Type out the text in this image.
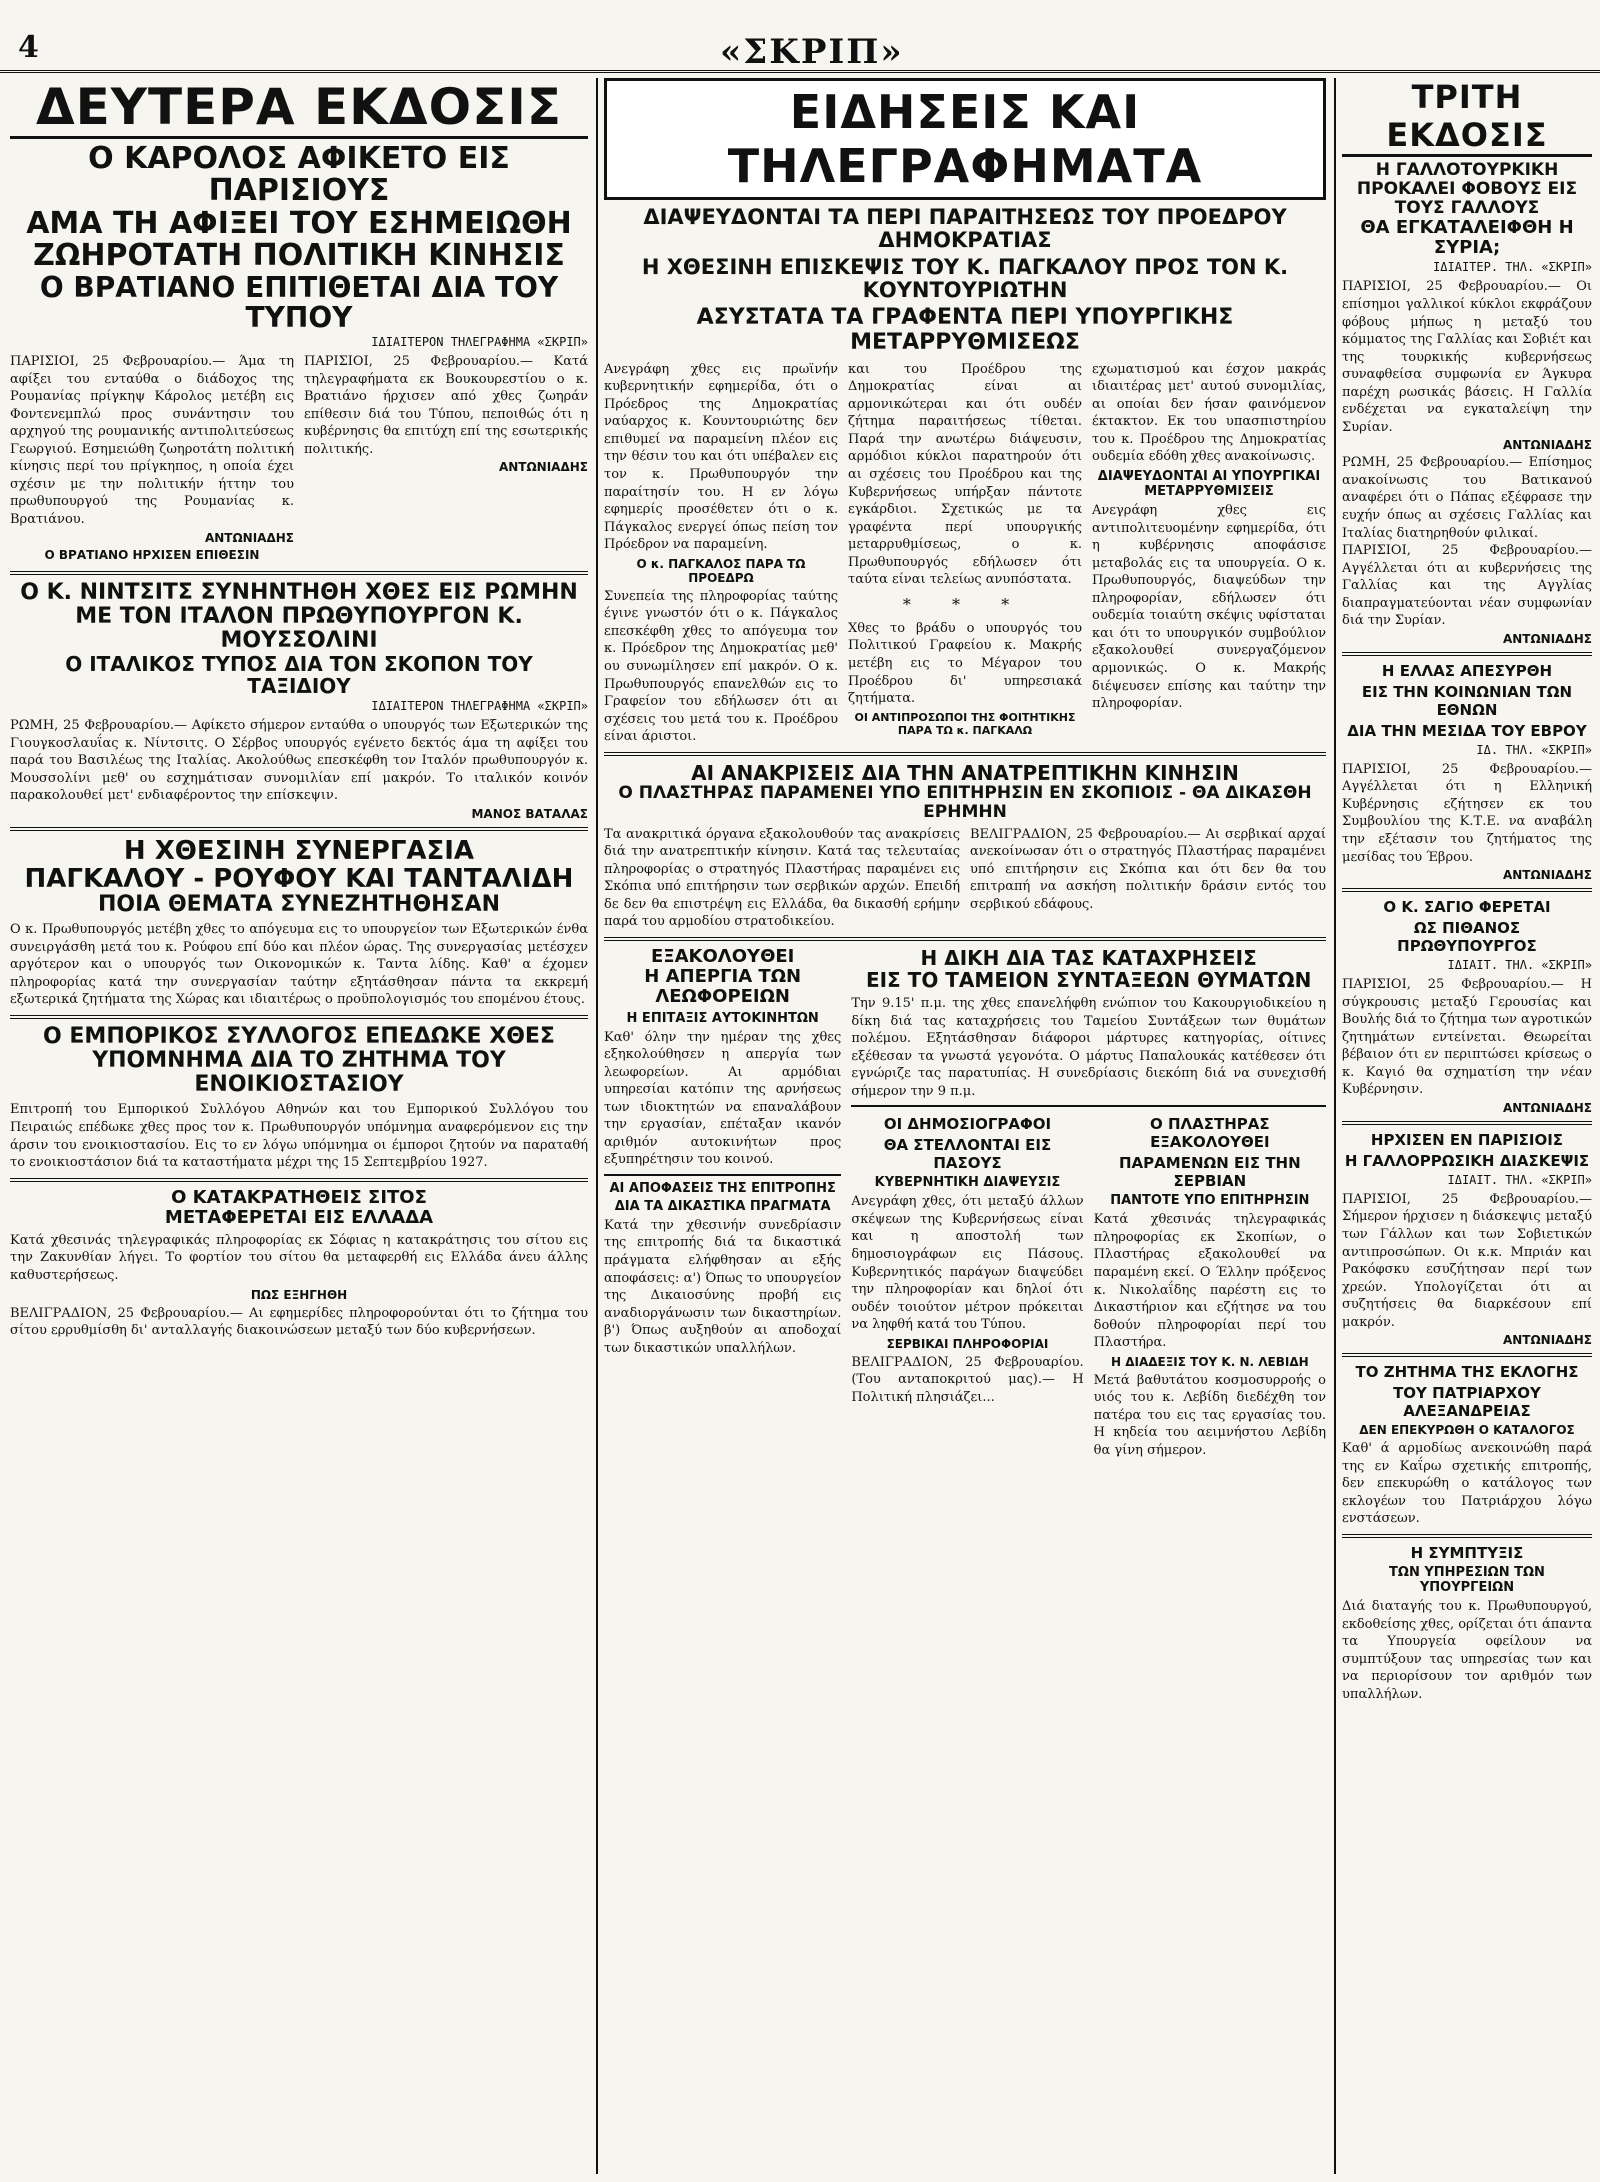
4	«ΣΚΡΙΠ»
ΔΕΥΤΕΡΑ ΕΚΔΟΣΙΣ
Ο ΚΑΡΟΛΟΣ ΑΦΙΚΕΤΟ ΕΙΣ ΠΑΡΙΣΙΟΥΣ
ΑΜΑ ΤΗ ΑΦΙΞΕΙ ΤΟΥ ΕΣΗΜΕΙΩΘΗ
ΖΩΗΡΟΤΑΤΗ ΠΟΛΙΤΙΚΗ ΚΙΝΗΣΙΣ
Ο ΒΡΑΤΙΑΝΟ ΕΠΙΤΙΘΕΤΑΙ ΔΙΑ ΤΟΥ ΤΥΠΟΥ
ΙΔΙΑΙΤΕΡΟΝ ΤΗΛΕΓΡΑΦΗΜΑ «ΣΚΡΙΠ»
ΠΑΡΙΣΙΟΙ, 25 Φεβρουαρίου.— Άμα τη αφίξει του ενταύθα ο διάδοχος της Ρουμανίας πρίγκηψ Κάρολος μετέβη εις Φοντενεμπλώ προς συνάντησιν του αρχηγού της ρουμανικής αντιπολιτεύσεως Γεωργιού. Εσημειώθη ζωηροτάτη πολιτική κίνησις περί του πρίγκηπος, η οποία έχει σχέσιν με την πολιτικήν ήττην του πρωθυπουργού της Ρουμανίας κ. Βρατιάνου.
ΑΝΤΩΝΙΑΔΗΣ
Ο ΒΡΑΤΙΑΝΟ ΗΡΧΙΣΕΝ ΕΠΙΘΕΣΙΝ
ΠΑΡΙΣΙΟΙ, 25 Φεβρουαρίου.— Κατά τηλεγραφήματα εκ Βουκουρεστίου ο κ. Βρατιάνο ήρχισεν από χθες ζωηράν επίθεσιν διά του Τύπου, πεποιθώς ότι η κυβέρνησις θα επιτύχη επί της εσωτερικής πολιτικής.
ΑΝΤΩΝΙΑΔΗΣ
Ο Κ. ΝΙΝΤΣΙΤΣ ΣΥΝΗΝΤΗΘΗ ΧΘΕΣ ΕΙΣ ΡΩΜΗΝ
ΜΕ ΤΟΝ ΙΤΑΛΟΝ ΠΡΩΘΥΠΟΥΡΓΟΝ Κ. ΜΟΥΣΣΟΛΙΝΙ
Ο ΙΤΑΛΙΚΟΣ ΤΥΠΟΣ ΔΙΑ ΤΟΝ ΣΚΟΠΟΝ ΤΟΥ ΤΑΞΙΔΙΟΥ
ΙΔΙΑΙΤΕΡΟΝ ΤΗΛΕΓΡΑΦΗΜΑ «ΣΚΡΙΠ»
ΡΩΜΗ, 25 Φεβρουαρίου.— Αφίκετο σήμερον ενταύθα ο υπουργός των Εξωτερικών της Γιουγκοσλαυΐας κ. Νίντσιτς. Ο Σέρβος υπουργός εγένετο δεκτός άμα τη αφίξει του παρά του Βασιλέως της Ιταλίας. Ακολούθως επεσκέφθη τον Ιταλόν πρωθυπουργόν κ. Μουσσολίνι μεθ' ου εσχημάτισαν συνομιλίαν επί μακρόν. Το ιταλικόν κοινόν παρακολουθεί μετ' ενδιαφέροντος την επίσκεψιν.
ΜΑΝΟΣ ΒΑΤΑΛΑΣ
Η ΧΘΕΣΙΝΗ ΣΥΝΕΡΓΑΣΙΑ
ΠΑΓΚΑΛΟΥ - ΡΟΥΦΟΥ ΚΑΙ ΤΑΝΤΑΛΙΔΗ
ΠΟΙΑ ΘΕΜΑΤΑ ΣΥΝΕΖΗΤΗΘΗΣΑΝ
Ο κ. Πρωθυπουργός μετέβη χθες το απόγευμα εις το υπουργείον των Εξωτερικών ένθα συνειργάσθη μετά του κ. Ρούφου επί δύο και πλέον ώρας. Της συνεργασίας μετέσχεν αργότερον και ο υπουργός των Οικονομικών κ. Ταντα λίδης. Καθ' α έχομεν πληροφορίας κατά την συνεργασίαν ταύτην εξητάσθησαν πάντα τα εκκρεμή εξωτερικά ζητήματα της Χώρας και ιδιαιτέρως ο προϋπολογισμός του επομένου έτους.
Ο ΕΜΠΟΡΙΚΟΣ ΣΥΛΛΟΓΟΣ ΕΠΕΔΩΚΕ ΧΘΕΣ
ΥΠΟΜΝΗΜΑ ΔΙΑ ΤΟ ΖΗΤΗΜΑ ΤΟΥ ΕΝΟΙΚΙΟΣΤΑΣΙΟΥ
Επιτροπή του Εμπορικού Συλλόγου Αθηνών και του Εμπορικού Συλλόγου του Πειραιώς επέδωκε χθες προς τον κ. Πρωθυπουργόν υπόμνημα αναφερόμενον εις την άρσιν του ενοικιοστασίου. Εις το εν λόγω υπόμνημα οι έμποροι ζητούν να παραταθή το ενοικιοστάσιον διά τα καταστήματα μέχρι της 15 Σεπτεμβρίου 1927.
Ο ΚΑΤΑΚΡΑΤΗΘΕΙΣ ΣΙΤΟΣ
ΜΕΤΑΦΕΡΕΤΑΙ ΕΙΣ ΕΛΛΑΔΑ
Κατά χθεσινάς τηλεγραφικάς πληροφορίας εκ Σόφιας η κατακράτησις του σίτου εις την Ζακυνθίαν λήγει. Το φορτίον του σίτου θα μεταφερθή εις Ελλάδα άνευ άλλης καθυστερήσεως.
ΠΩΣ ΕΞΗΓΗΘΗ
ΒΕΛΙΓΡΑΔΙΟΝ, 25 Φεβρουαρίου.— Αι εφημερίδες πληροφορούνται ότι το ζήτημα του σίτου ερρυθμίσθη δι' ανταλλαγής διακοινώσεων μεταξύ των δύο κυβερνήσεων.
ΕΙΔΗΣΕΙΣ ΚΑΙ ΤΗΛΕΓΡΑΦΗΜΑΤΑ
ΔΙΑΨΕΥΔΟΝΤΑΙ ΤΑ ΠΕΡΙ ΠΑΡΑΙΤΗΣΕΩΣ ΤΟΥ ΠΡΟΕΔΡΟΥ ΔΗΜΟΚΡΑΤΙΑΣ
Η ΧΘΕΣΙΝΗ ΕΠΙΣΚΕΨΙΣ ΤΟΥ Κ. ΠΑΓΚΑΛΟΥ ΠΡΟΣ ΤΟΝ Κ. ΚΟΥΝΤΟΥΡΙΩΤΗΝ
ΑΣΥΣΤΑΤΑ ΤΑ ΓΡΑΦΕΝΤΑ ΠΕΡΙ ΥΠΟΥΡΓΙΚΗΣ ΜΕΤΑΡΡΥΘΜΙΣΕΩΣ
Ανεγράφη χθες εις πρωϊνήν κυβερνητικήν εφημερίδα, ότι ο Πρόεδρος της Δημοκρατίας ναύαρχος κ. Κουντουριώτης δεν επιθυμεί να παραμείνη πλέον εις την θέσιν του και ότι υπέβαλεν εις τον κ. Πρωθυπουργόν την παραίτησίν του. Η εν λόγω εφημερίς προσέθετεν ότι ο κ. Πάγκαλος ενεργεί όπως πείση τον Πρόεδρον να παραμείνη.
Ο κ. ΠΑΓΚΑΛΟΣ ΠΑΡΑ ΤΩ ΠΡΟΕΔΡΩ
Συνεπεία της πληροφορίας ταύτης έγινε γνωστόν ότι ο κ. Πάγκαλος επεσκέφθη χθες το απόγευμα τον κ. Πρόεδρον της Δημοκρατίας μεθ' ου συνωμίλησεν επί μακρόν. Ο κ. Πρωθυπουργός επανελθών εις το Γραφείον του εδήλωσεν ότι αι σχέσεις του μετά του κ. Προέδρου είναι άριστοι.
και του Προέδρου της Δημοκρατίας είναι αι αρμονικώτεραι και ότι ουδέν ζήτημα παραιτήσεως τίθεται. Παρά την ανωτέρω διάψευσιν, αρμόδιοι κύκλοι παρατηρούν ότι αι σχέσεις του Προέδρου και της Κυβερνήσεως υπήρξαν πάντοτε εγκάρδιοι. Σχετικώς με τα γραφέντα περί υπουργικής μεταρρυθμίσεως, ο κ. Πρωθυπουργός εδήλωσεν ότι ταύτα είναι τελείως ανυπόστατα.
* * *
Χθες το βράδυ ο υπουργός του Πολιτικού Γραφείου κ. Μακρής μετέβη εις το Μέγαρον του Προέδρου δι' υπηρεσιακά ζητήματα.
ΟΙ ΑΝΤΙΠΡΟΣΩΠΟΙ ΤΗΣ ΦΟΙΤΗΤΙΚΗΣ ΠΑΡΑ ΤΩ κ. ΠΑΓΚΑΛΩ
εχωματισμού και έσχον μακράς ιδιαιτέρας μετ' αυτού συνομιλίας, αι οποίαι δεν ήσαν φαινόμενον έκτακτον. Εκ του υπασπιστηρίου του κ. Προέδρου της Δημοκρατίας ουδεμία εδόθη χθες ανακοίνωσις.
ΔΙΑΨΕΥΔΟΝΤΑΙ ΑΙ ΥΠΟΥΡΓΙΚΑΙ ΜΕΤΑΡΡΥΘΜΙΣΕΙΣ
Ανεγράφη χθες εις αντιπολιτευομένην εφημερίδα, ότι η κυβέρνησις αποφάσισε μεταβολάς εις τα υπουργεία. Ο κ. Πρωθυπουργός, διαψεύδων την πληροφορίαν, εδήλωσεν ότι ουδεμία τοιαύτη σκέψις υφίσταται και ότι το υπουργικόν συμβούλιον εξακολουθεί συνεργαζόμενον αρμονικώς. Ο κ. Μακρής διέψευσεν επίσης και ταύτην την πληροφορίαν.
ΑΙ ΑΝΑΚΡΙΣΕΙΣ ΔΙΑ ΤΗΝ ΑΝΑΤΡΕΠΤΙΚΗΝ ΚΙΝΗΣΙΝ
Ο ΠΛΑΣΤΗΡΑΣ ΠΑΡΑΜΕΝΕΙ ΥΠΟ ΕΠΙΤΗΡΗΣΙΝ ΕΝ ΣΚΟΠΙΟΙΣ - ΘΑ ΔΙΚΑΣΘΗ ΕΡΗΜΗΝ
Τα ανακριτικά όργανα εξακολουθούν τας ανακρίσεις διά την ανατρεπτικήν κίνησιν. Κατά τας τελευταίας πληροφορίας ο στρατηγός Πλαστήρας παραμένει εις Σκόπια υπό επιτήρησιν των σερβικών αρχών. Επειδή δε δεν θα επιστρέψη εις Ελλάδα, θα δικασθή ερήμην παρά του αρμοδίου στρατοδικείου.
ΒΕΛΙΓΡΑΔΙΟΝ, 25 Φεβρουαρίου.— Αι σερβικαί αρχαί ανεκοίνωσαν ότι ο στρατηγός Πλαστήρας παραμένει υπό επιτήρησιν εις Σκόπια και ότι δεν θα του επιτραπή να ασκήση πολιτικήν δράσιν εντός του σερβικού εδάφους.
ΕΞΑΚΟΛΟΥΘΕΙ
Η ΑΠΕΡΓΙΑ ΤΩΝ ΛΕΩΦΟΡΕΙΩΝ
Η ΕΠΙΤΑΞΙΣ ΑΥΤΟΚΙΝΗΤΩΝ
Καθ' όλην την ημέραν της χθες εξηκολούθησεν η απεργία των λεωφορείων. Αι αρμόδιαι υπηρεσίαι κατόπιν της αρνήσεως των ιδιοκτητών να επαναλάβουν την εργασίαν, επέταξαν ικανόν αριθμόν αυτοκινήτων προς εξυπηρέτησιν του κοινού.
ΑΙ ΑΠΟΦΑΣΕΙΣ ΤΗΣ ΕΠΙΤΡΟΠΗΣ
ΔΙΑ ΤΑ ΔΙΚΑΣΤΙΚΑ ΠΡΑΓΜΑΤΑ
Κατά την χθεσινήν συνεδρίασιν της επιτροπής διά τα δικαστικά πράγματα ελήφθησαν αι εξής αποφάσεις: α') Όπως το υπουργείον της Δικαιοσύνης προβή εις αναδιοργάνωσιν των δικαστηρίων. β') Όπως αυξηθούν αι αποδοχαί των δικαστικών υπαλλήλων.
Η ΔΙΚΗ ΔΙΑ ΤΑΣ ΚΑΤΑΧΡΗΣΕΙΣ
ΕΙΣ ΤΟ ΤΑΜΕΙΟΝ ΣΥΝΤΑΞΕΩΝ ΘΥΜΑΤΩΝ
Την 9.15' π.μ. της χθες επανελήφθη ενώπιον του Κακουργιοδικείου η δίκη διά τας καταχρήσεις του Ταμείου Συντάξεων των θυμάτων πολέμου. Εξητάσθησαν διάφοροι μάρτυρες κατηγορίας, οίτινες εξέθεσαν τα γνωστά γεγονότα. Ο μάρτυς Παπαλουκάς κατέθεσεν ότι εγνώριζε τας παρατυπίας. Η συνεδρίασις διεκόπη διά να συνεχισθή σήμερον την 9 π.μ.
ΟΙ ΔΗΜΟΣΙΟΓΡΑΦΟΙ
ΘΑ ΣΤΕΛΛΟΝΤΑΙ ΕΙΣ ΠΑΣΟΥΣ
ΚΥΒΕΡΝΗΤΙΚΗ ΔΙΑΨΕΥΣΙΣ
Ανεγράφη χθες, ότι μεταξύ άλλων σκέψεων της Κυβερνήσεως είναι και η αποστολή των δημοσιογράφων εις Πάσους. Κυβερνητικός παράγων διαψεύδει την πληροφορίαν και δηλοί ότι ουδέν τοιούτον μέτρον πρόκειται να ληφθή κατά του Τύπου.
ΣΕΡΒΙΚΑΙ ΠΛΗΡΟΦΟΡΙΑΙ
ΒΕΛΙΓΡΑΔΙΟΝ, 25 Φεβρουαρίου. (Του ανταποκριτού μας).— Η Πολιτική πλησιάζει...
Ο ΠΛΑΣΤΗΡΑΣ ΕΞΑΚΟΛΟΥΘΕΙ
ΠΑΡΑΜΕΝΩΝ ΕΙΣ ΤΗΝ ΣΕΡΒΙΑΝ
ΠΑΝΤΟΤΕ ΥΠΟ ΕΠΙΤΗΡΗΣΙΝ
Κατά χθεσινάς τηλεγραφικάς πληροφορίας εκ Σκοπίων, ο Πλαστήρας εξακολουθεί να παραμένη εκεί. Ο Έλλην πρόξενος κ. Νικολαΐδης παρέστη εις το Δικαστήριον και εζήτησε να του δοθούν πληροφορίαι περί του Πλαστήρα.
Η ΔΙΑΔΕΞΙΣ ΤΟΥ Κ. Ν. ΛΕΒΙΔΗ
Μετά βαθυτάτου κοσμοσυρροής ο υιός του κ. Λεβίδη διεδέχθη τον πατέρα του εις τας εργασίας του. Η κηδεία του αειμνήστου Λεβίδη θα γίνη σήμερον.
ΤΡΙΤΗ ΕΚΔΟΣΙΣ
Η ΓΑΛΛΟΤΟΥΡΚΙΚΗ ΠΡΟΚΑΛΕΙ ΦΟΒΟΥΣ ΕΙΣ ΤΟΥΣ ΓΑΛΛΟΥΣ
ΘΑ ΕΓΚΑΤΑΛΕΙΦΘΗ Η ΣΥΡΙΑ;
ΙΔΙΑΙΤΕΡ. ΤΗΛ. «ΣΚΡΙΠ»
ΠΑΡΙΣΙΟΙ, 25 Φεβρουαρίου.— Οι επίσημοι γαλλικοί κύκλοι εκφράζουν φόβους μήπως η μεταξύ του κόμματος της Γαλλίας και Σοβιέτ και της τουρκικής κυβερνήσεως συναφθείσα συμφωνία εν Άγκυρα παρέχη ρωσικάς βάσεις. Η Γαλλία ενδέχεται να εγκαταλείψη την Συρίαν.
ΑΝΤΩΝΙΑΔΗΣ
ΡΩΜΗ, 25 Φεβρουαρίου.— Επίσημος ανακοίνωσις του Βατικανού αναφέρει ότι ο Πάπας εξέφρασε την ευχήν όπως αι σχέσεις Γαλλίας και Ιταλίας διατηρηθούν φιλικαί.
ΠΑΡΙΣΙΟΙ, 25 Φεβρουαρίου.— Αγγέλλεται ότι αι κυβερνήσεις της Γαλλίας και της Αγγλίας διαπραγματεύονται νέαν συμφωνίαν διά την Συρίαν.
ΑΝΤΩΝΙΑΔΗΣ
Η ΕΛΛΑΣ ΑΠΕΣΥΡΘΗ
ΕΙΣ ΤΗΝ ΚΟΙΝΩΝΙΑΝ ΤΩΝ ΕΘΝΩΝ
ΔΙΑ ΤΗΝ ΜΕΣΙΔΑ ΤΟΥ ΕΒΡΟΥ
ΙΔ. ΤΗΛ. «ΣΚΡΙΠ»
ΠΑΡΙΣΙΟΙ, 25 Φεβρουαρίου.— Αγγέλλεται ότι η Ελληνική Κυβέρνησις εζήτησεν εκ του Συμβουλίου της Κ.Τ.Ε. να αναβάλη την εξέτασιν του ζητήματος της μεσίδας του Έβρου.
ΑΝΤΩΝΙΑΔΗΣ
Ο Κ. ΣΑΓΙΟ ΦΕΡΕΤΑΙ
ΩΣ ΠΙΘΑΝΟΣ ΠΡΩΘΥΠΟΥΡΓΟΣ
ΙΔΙΑΙΤ. ΤΗΛ. «ΣΚΡΙΠ»
ΠΑΡΙΣΙΟΙ, 25 Φεβρουαρίου.— Η σύγκρουσις μεταξύ Γερουσίας και Βουλής διά το ζήτημα των αγροτικών ζητημάτων εντείνεται. Θεωρείται βέβαιον ότι εν περιπτώσει κρίσεως ο κ. Καγιό θα σχηματίση την νέαν Κυβέρνησιν.
ΑΝΤΩΝΙΑΔΗΣ
ΗΡΧΙΣΕΝ ΕΝ ΠΑΡΙΣΙΟΙΣ
Η ΓΑΛΛΟΡΡΩΣΙΚΗ ΔΙΑΣΚΕΨΙΣ
ΙΔΙΑΙΤ. ΤΗΛ. «ΣΚΡΙΠ»
ΠΑΡΙΣΙΟΙ, 25 Φεβρουαρίου.— Σήμερον ήρχισεν η διάσκεψις μεταξύ των Γάλλων και των Σοβιετικών αντιπροσώπων. Οι κ.κ. Μπριάν και Ρακόφσκυ εσυζήτησαν περί των χρεών. Υπολογίζεται ότι αι συζητήσεις θα διαρκέσουν επί μακρόν.
ΑΝΤΩΝΙΑΔΗΣ
ΤΟ ΖΗΤΗΜΑ ΤΗΣ ΕΚΛΟΓΗΣ
ΤΟΥ ΠΑΤΡΙΑΡΧΟΥ ΑΛΕΞΑΝΔΡΕΙΑΣ
ΔΕΝ ΕΠΕΚΥΡΩΘΗ Ο ΚΑΤΑΛΟΓΟΣ
Καθ' ά αρμοδίως ανεκοινώθη παρά της εν Καΐρω σχετικής επιτροπής, δεν επεκυρώθη ο κατάλογος των εκλογέων του Πατριάρχου λόγω ενστάσεων.
Η ΣΥΜΠΤΥΞΙΣ
ΤΩΝ ΥΠΗΡΕΣΙΩΝ ΤΩΝ ΥΠΟΥΡΓΕΙΩΝ
Διά διαταγής του κ. Πρωθυπουργού, εκδοθείσης χθες, ορίζεται ότι άπαντα τα Υπουργεία οφείλουν να συμπτύξουν τας υπηρεσίας των και να περιορίσουν τον αριθμόν των υπαλλήλων.
